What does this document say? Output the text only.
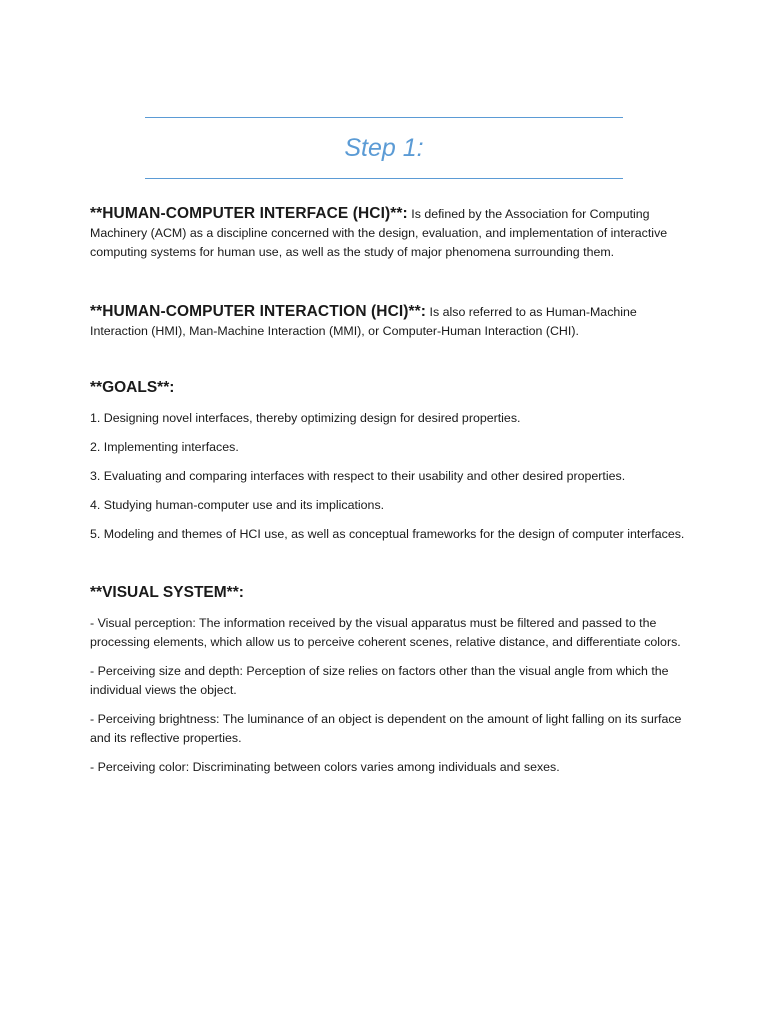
Step 1:

**HUMAN-COMPUTER INTERFACE (HCI)**: Is defined by the Association for Computing Machinery (ACM) as a discipline concerned with the design, evaluation, and implementation of interactive computing systems for human use, as well as the study of major phenomena surrounding them.

**HUMAN-COMPUTER INTERACTION (HCI)**: Is also referred to as Human-Machine Interaction (HMI), Man-Machine Interaction (MMI), or Computer-Human Interaction (CHI).

**GOALS**:

1. Designing novel interfaces, thereby optimizing design for desired properties.

2. Implementing interfaces.

3. Evaluating and comparing interfaces with respect to their usability and other desired properties.

4. Studying human-computer use and its implications.

5. Modeling and themes of HCI use, as well as conceptual frameworks for the design of computer interfaces.

**VISUAL SYSTEM**:

- Visual perception: The information received by the visual apparatus must be filtered and passed to the processing elements, which allow us to perceive coherent scenes, relative distance, and differentiate colors.

- Perceiving size and depth: Perception of size relies on factors other than the visual angle from which the individual views the object.

- Perceiving brightness: The luminance of an object is dependent on the amount of light falling on its surface and its reflective properties.

- Perceiving color: Discriminating between colors varies among individuals and sexes.
